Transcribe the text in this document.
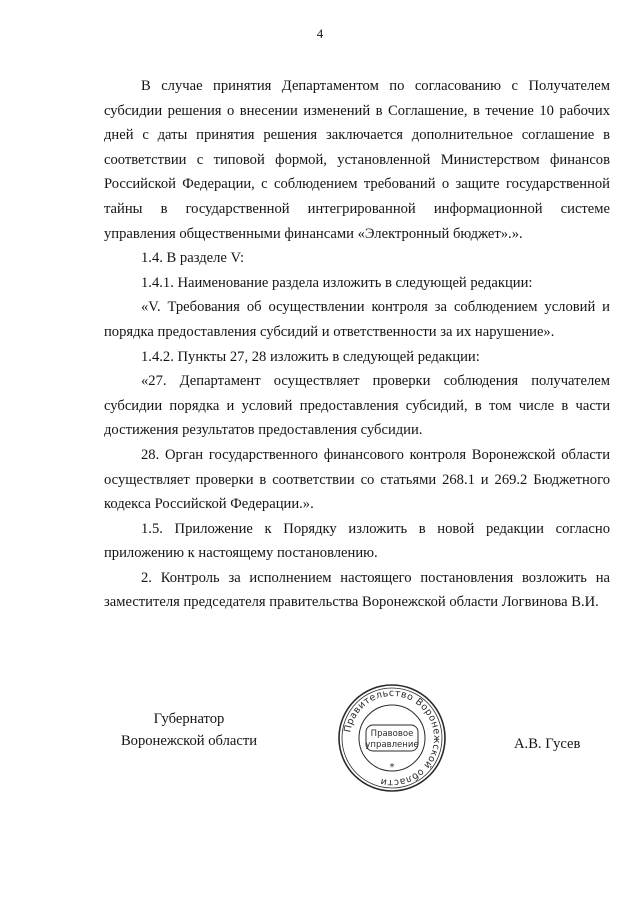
4

В случае принятия Департаментом по согласованию с Получателем субсидии решения о внесении изменений в Соглашение, в течение 10 рабочих дней с даты принятия решения заключается дополнительное соглашение в соответствии с типовой формой, установленной Министерством финансов Российской Федерации, с соблюдением требований о защите государственной тайны в государственной интегрированной информационной системе управления общественными финансами «Электронный бюджет».».

1.4. В разделе V:

1.4.1. Наименование раздела изложить в следующей редакции:

«V. Требования об осуществлении контроля за соблюдением условий и порядка предоставления субсидий и ответственности за их нарушение».

1.4.2. Пункты 27, 28 изложить в следующей редакции:

«27. Департамент осуществляет проверки соблюдения получателем субсидии порядка и условий предоставления субсидий, в том числе в части достижения результатов предоставления субсидии.

28. Орган государственного финансового контроля Воронежской области осуществляет проверки в соответствии со статьями 268.1 и 269.2 Бюджетного кодекса Российской Федерации.».

1.5. Приложение к Порядку изложить в новой редакции согласно приложению к настоящему постановлению.

2. Контроль за исполнением настоящего постановления возложить на заместителя председателя правительства Воронежской области Логвинова В.И.

Губернатор
Воронежской области
Правительство Воронежской области
Правовое
управление
*
А.В. Гусев
